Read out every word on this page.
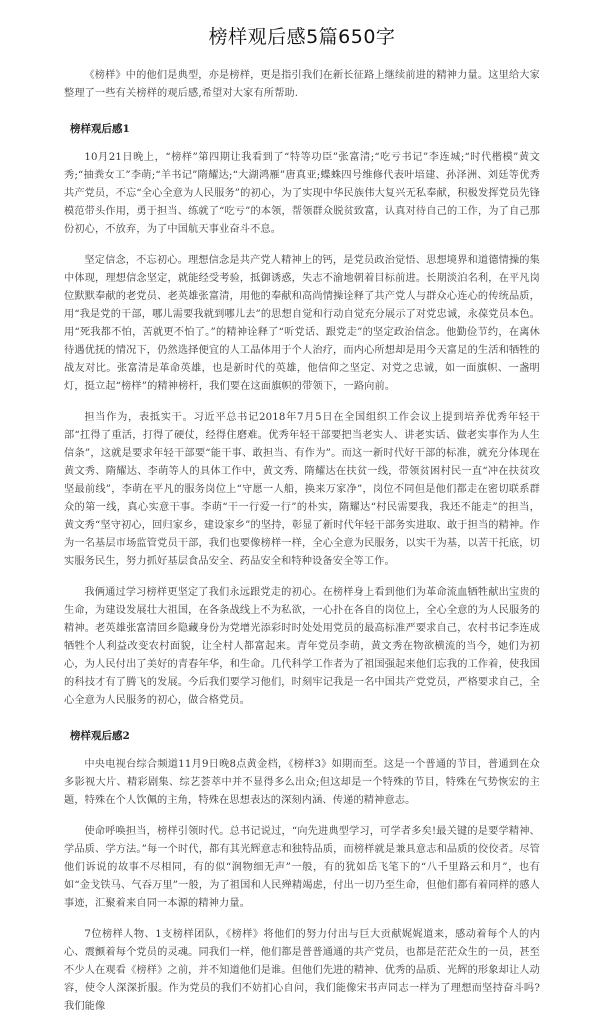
榜样观后感5篇650字

《榜样》中的他们是典型，亦是榜样，更是指引我们在新长征路上继续前进的精神力量。这里给大家整理了一些有关榜样的观后感,希望对大家有所帮助.

榜样观后感1

10月21日晚上，“榜样”第四期让我看到了“特等功臣”张富清;“吃亏书记”李连城;“时代楷模”黄文秀;“抽粪女工”李萌;“羊书记”隋耀达;“大湖鸿雁”唐真亚;蝶蛛四号维修代表叶培建、孙泽洲、刘廷等优秀共产党员，不忘“全心全意为人民服务”的初心，为了实现中华民族伟大复兴无私奉献，积极发挥党员先锋模范带头作用，勇于担当、练就了“吃亏”的本领，帮领群众脱贫致富，认真对待自己的工作，为了自己那份初心，不放弃，为了中国航天事业奋斗不息。

坚定信念，不忘初心。理想信念是共产党人精神上的钙，是党员政治觉悟、思想境界和道德情操的集中体现，理想信念坚定，就能经受考验，抵御诱惑，失志不渝地朝着目标前进。长期淡泊名利，在平凡岗位默默奉献的老党员、老英雄张富清，用他的奉献和高尚情操诠释了共产党人与群众心连心的传统品质，用“我是党的干部，哪儿需要我就到哪儿去”的思想自觉和行动自觉充分展示了对党忠诚，永葆党员本色。用“死我都不怕，苦就更不怕了。”的精神诠释了“听党话、跟党走”的坚定政治信念。他勤俭节约，在离休待遇优抚的情况下，仍然选择便宜的人工晶体用于个人治疗，而内心所想却是用今天富足的生活和牺牲的战友对比。张富清是革命英雄，也是新时代的英雄，他信仰之坚定、对党之忠诚，如一面旗帜、一盏明灯，挺立起“榜样”的精神榜杆，我们要在这面旗帜的带领下，一路向前。

担当作为，表抵实干。习近平总书记2018年7月5日在全国组织工作会议上提到培养优秀年轻干部“扛得了重活，打得了硬仗，经得住磨难。优秀年轻干部要把当老实人、讲老实话、做老实事作为人生信条”，这就是要求年轻干部要“能干事、敢担当、有作为”。而这一新时代好干部的标准，就充分体现在黄文秀、隋耀达、李萌等人的具体工作中，黄文秀、隋耀达在扶贫一线，带领贫困村民一直“冲在扶贫攻坚最前线”，李萌在平凡的服务岗位上“守愿一人船，换来万家净”，岗位不同但是他们都走在密切联系群众的第一线，真心实意干事。李萌“干一行爱一行”的朴实，隋耀达“村民需要我，我还不能走”的担当，黄文秀“坚守初心，回归家乡，建设家乡”的坚持，彰显了新时代年轻干部务实进取、敢于担当的精神。作为一名基层市场监管党员干部，我们也要像榜样一样，全心全意为民服务，以实干为基，以苦干托底，切实服务民生，努力抓好基层食品安全、药品安全和特种设备安全等工作。

我俩通过学习榜样更坚定了我们永远跟党走的初心。在榜样身上看到他们为革命流血牺牲献出宝贵的生命，为建设发展壮大祖国，在各条战线上不为私欲，一心扑在各自的岗位上，全心全意的为人民服务的精神。老英雄张富清回乡隐藏身份为党增光添彩时时处处用党员的最高标准严要求自己，农村书记李连成牺牲个人利益改变农村面貌，让全村人都富起来。青年党员李萌，黄文秀在物欲横流的当今，她们为初心，为人民付出了美好的青春年华，和生命。几代科学工作者为了祖国强起来他们忘我的工作着，使我国的科技才有了腾飞的发展。今后我们要学习他们，时刻牢记我是一名中国共产党党员，严格要求自己，全心全意为人民服务的初心，做合格党员。

榜样观后感2

中央电视台综合频道11月9日晚8点黄金档，《榜样3》如期而至。这是一个普通的节目，普通到在众多影视大片、精彩剧集、综艺荟萃中并不显得多么出众;但这却是一个特殊的节目，特殊在气势恢宏的主题，特殊在个人饮佩的主角，特殊在思想表达的深刻内涵、传递的精神意志。

使命呼唤担当，榜样引领时代。总书记说过，“向先进典型学习，可学者多矣!最关键的是要学精神、学品质、学方法。”每一个时代，都有其光辉意志和独特品质，而榜样就是兼具意志和品质的佼佼者。尽管他们诉说的故事不尽相同，有的似“润物细无声”一般，有的犹如岳飞笔下的“八千里路云和月”，也有如“金戈铁马、气吞万里”一般，为了祖国和人民殚精竭虑，付出一切乃至生命，但他们都有着同样的感人事迹，汇聚着来自同一本源的精神力量。

7位榜样人物、1支榜样团队，《榜样》将他们的努力付出与巨大贡献娓娓道来，感动着每个人的内心、震颤着每个党员的灵魂。同我们一样，他们都是普普通通的共产党员，也都是茫茫众生的一员，甚至不少人在观看《榜样》之前，并不知道他们是谁。但他们先进的精神、优秀的品质、光辉的形象却让人动容，使令人深深折服。作为党员的我们不妨扪心自问，我们能像宋书声同志一样为了理想而坚持奋斗吗?我们能像
